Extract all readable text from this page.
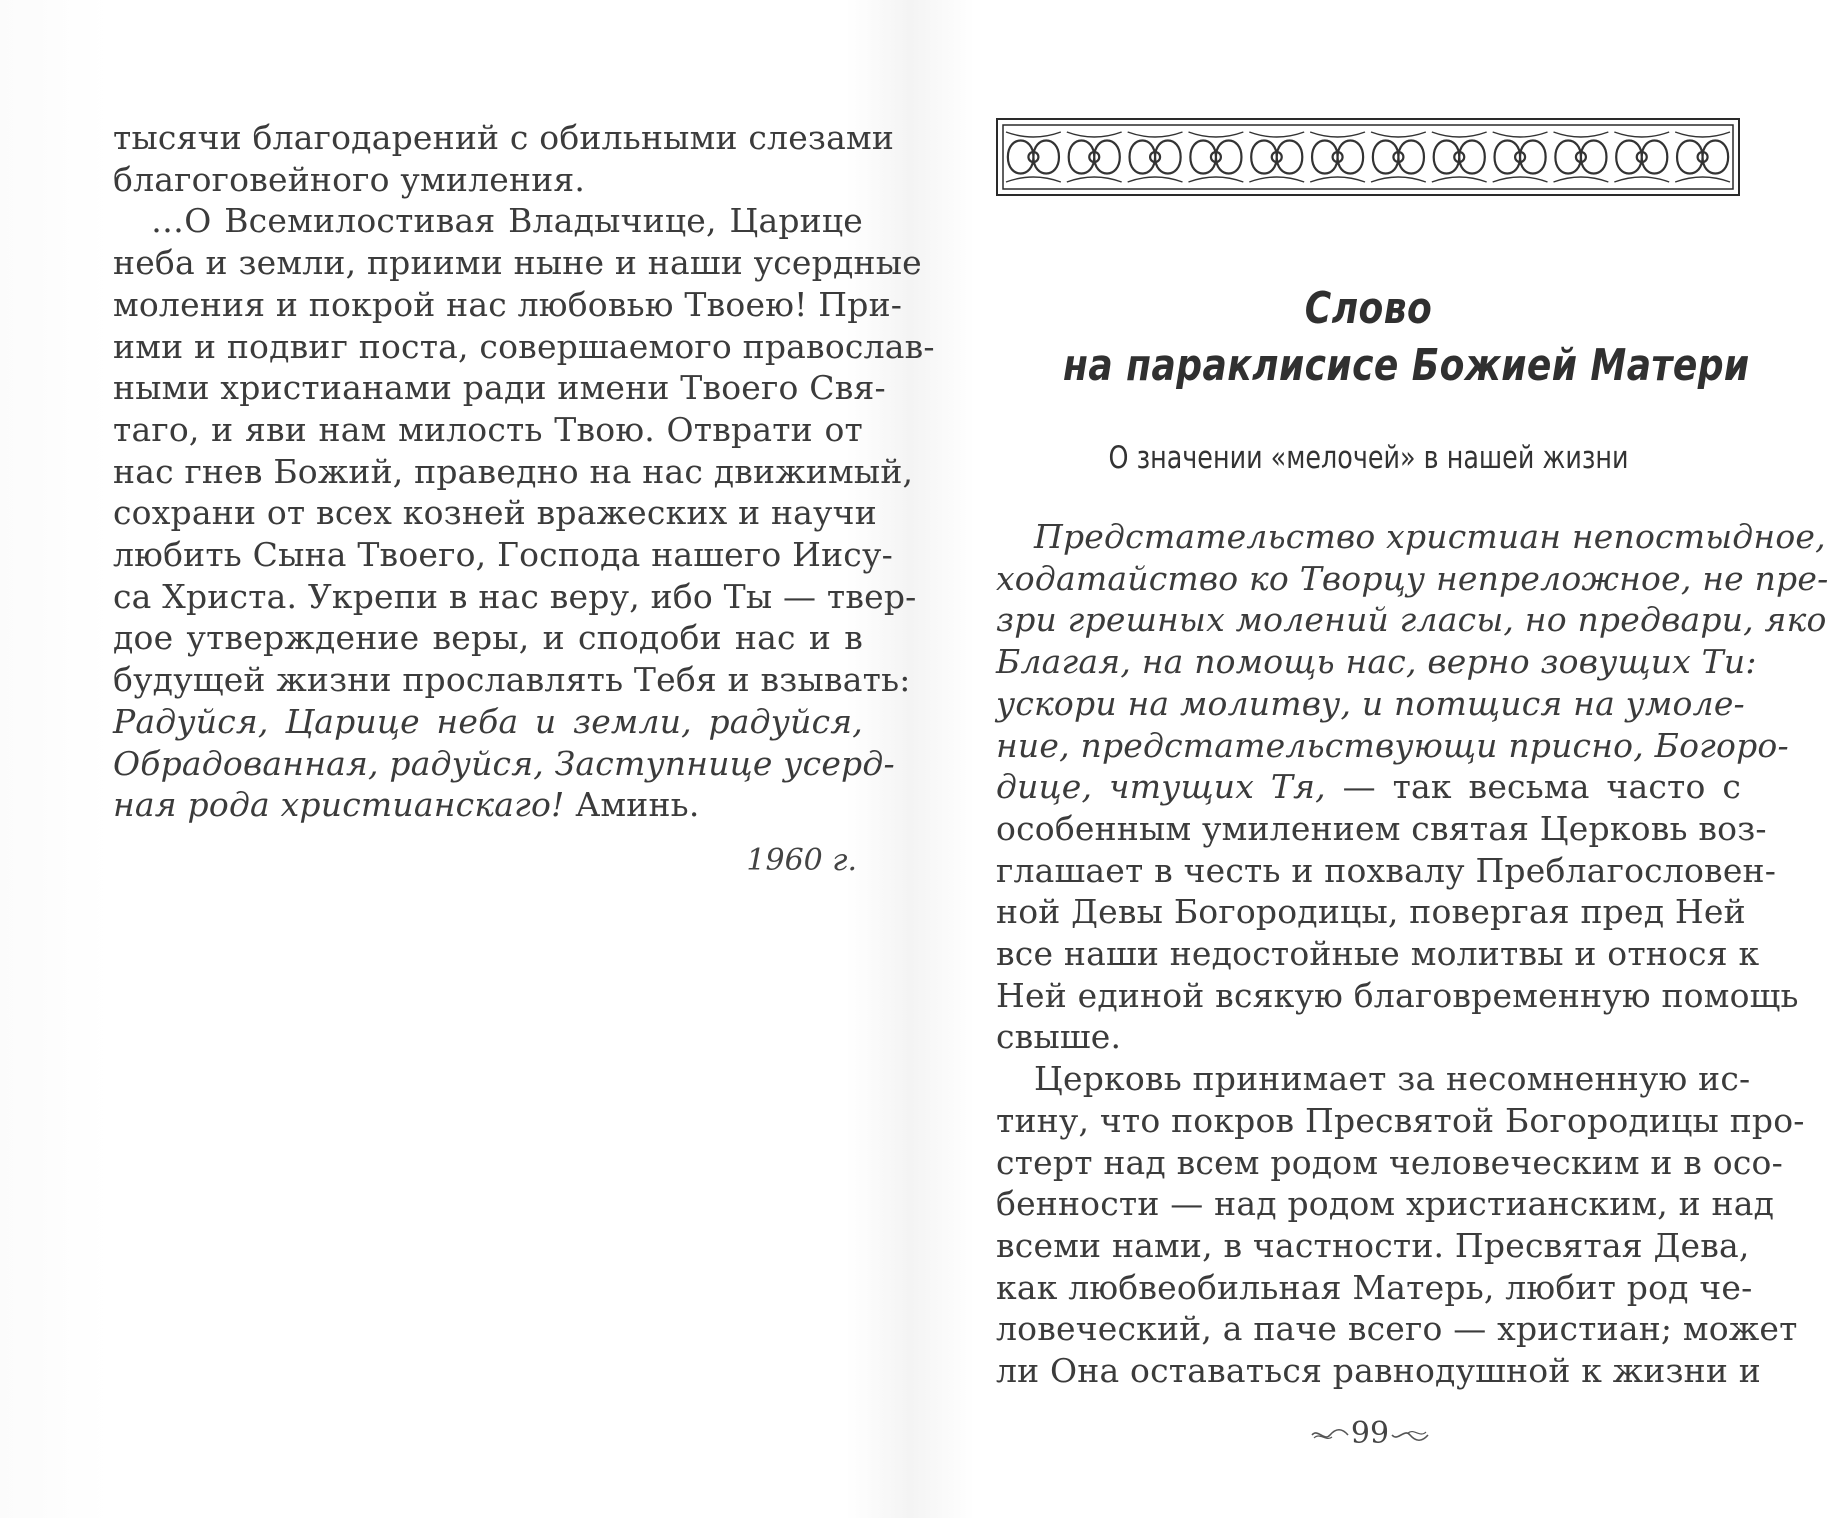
тысячи благодарений с обильными слезами
благоговейного умиления.
…О Всемилостивая Владычице, Царице
неба и земли, приими ныне и наши усердные
моления и покрой нас любовью Твоею! При-
ими и подвиг поста, совершаемого православ-
ными христианами ради имени Твоего Свя-
таго, и яви нам милость Твою. Отврати от
нас гнев Божий, праведно на нас движимый,
сохрани от всех козней вражеских и научи
любить Сына Твоего, Господа нашего Иису-
са Христа. Укрепи в нас веру, ибо Ты — твер-
дое утверждение веры, и сподоби нас и в
будущей жизни прославлять Тебя и взывать:
Радуйся, Царице неба и земли, радуйся,
Обрадованная, радуйся, Заступнице усерд-
ная рода христианскаго! Аминь.
1960 г.
Слово
на параклисисе Божией Матери
О значении «мелочей» в нашей жизни
Предстательство христиан непостыдное,
ходатайство ко Творцу непреложное, не пре-
зри грешных молений гласы, но предвари, яко
Благая, на помощь нас, верно зовущих Ти:
ускори на молитву, и потщися на умоле-
ние, предстательствующи присно, Богоро-
дице, чтущих Тя, — так весьма часто с
особенным умилением святая Церковь воз-
глашает в честь и похвалу Преблагословен-
ной Девы Богородицы, повергая пред Ней
все наши недостойные молитвы и относя к
Ней единой всякую благовременную помощь
свыше.
Церковь принимает за несомненную ис-
тину, что покров Пресвятой Богородицы про-
стерт над всем родом человеческим и в осо-
бенности — над родом христианским, и над
всеми нами, в частности. Пресвятая Дева,
как любвеобильная Матерь, любит род че-
ловеческий, а паче всего — христиан; может
ли Она оставаться равнодушной к жизни и
99
